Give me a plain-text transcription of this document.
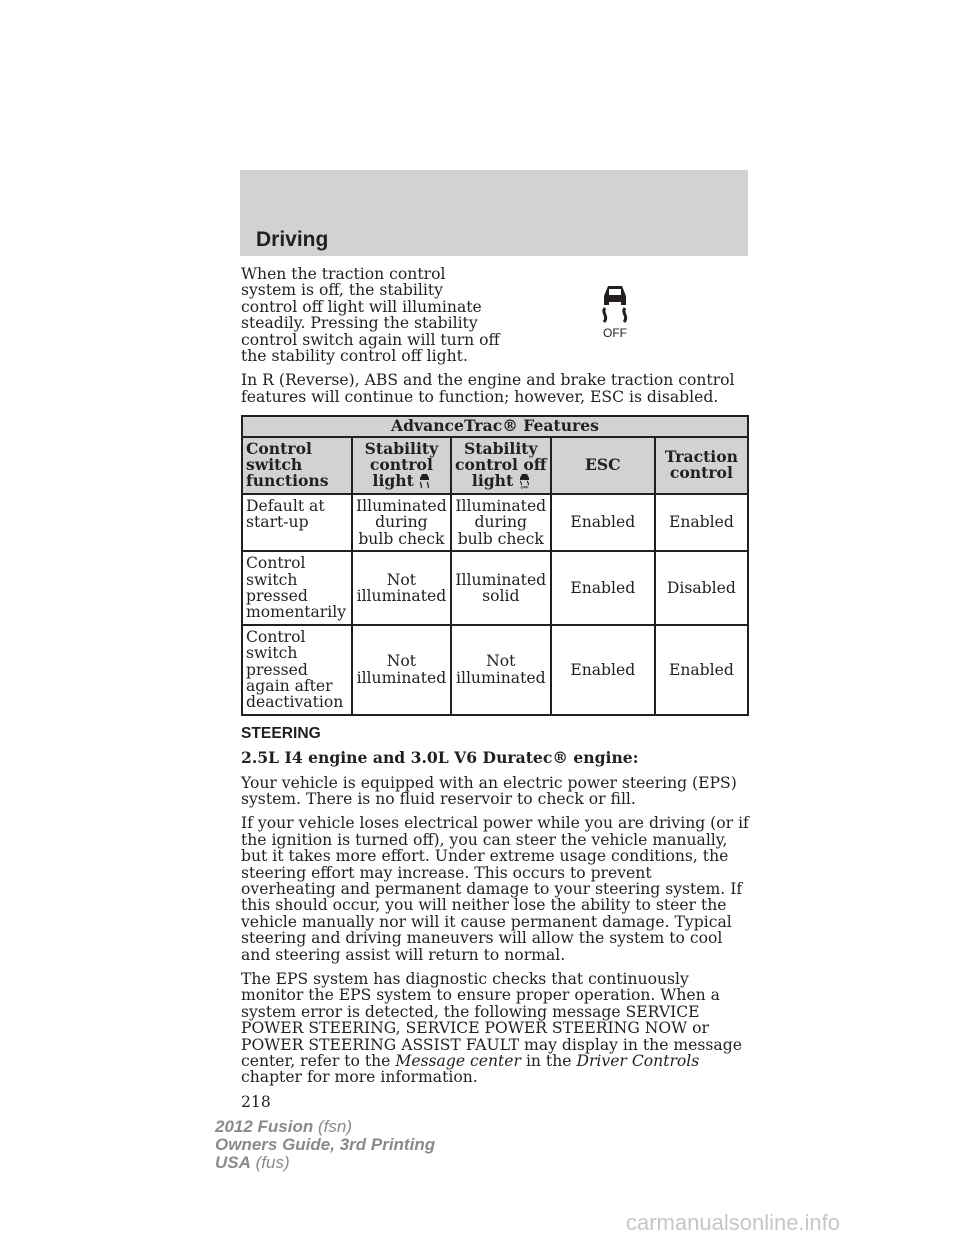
Driving

When the traction control system is off, the stability control off light will illuminate steadily. Pressing the stability control switch again will turn off the stability control off light.

OFF

In R (Reverse), ABS and the engine and brake traction control features will continue to function; however, ESC is disabled.

AdvanceTrac® Features				
Control switch functions	Stability control light	Stability control off light OFF	ESC	Traction control
Default at start-up	Illuminated during bulb check	Illuminated during bulb check	Enabled	Enabled
Control switch pressed momentarily	Not illuminated	Illuminated solid	Enabled	Disabled
Control switch pressed again after deactivation	Not illuminated	Not illuminated	Enabled	Enabled
STEERING

2.5L I4 engine and 3.0L V6 Duratec® engine:

Your vehicle is equipped with an electric power steering (EPS) system. There is no fluid reservoir to check or fill.

If your vehicle loses electrical power while you are driving (or if the ignition is turned off), you can steer the vehicle manually, but it takes more effort. Under extreme usage conditions, the steering effort may increase. This occurs to prevent overheating and permanent damage to your steering system. If this should occur, you will neither lose the ability to steer the vehicle manually nor will it cause permanent damage. Typical steering and driving maneuvers will allow the system to cool and steering assist will return to normal.

The EPS system has diagnostic checks that continuously monitor the EPS system to ensure proper operation. When a system error is detected, the following message SERVICE POWER STEERING, SERVICE POWER STEERING NOW or POWER STEERING ASSIST FAULT may display in the message center, refer to the Message center in the Driver Controls chapter for more information.

218
2012 Fusion (fsn)
Owners Guide, 3rd Printing
USA (fus)
carmanualsonline.info
